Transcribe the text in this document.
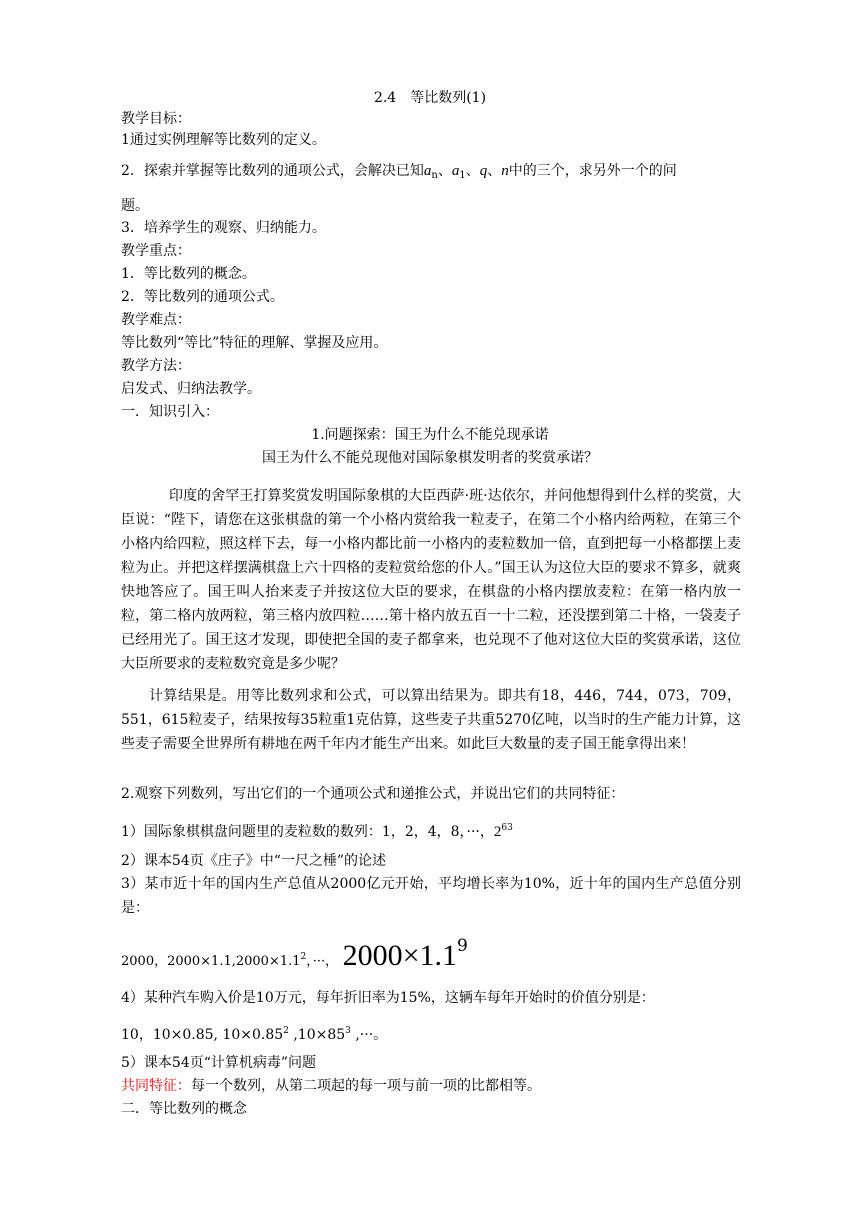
2.4　等比数列(1)
教学目标：
1通过实例理解等比数列的定义。
2．探索并掌握等比数列的通项公式，会解决已知$a_n$、$a_1$、q、n中的三个，求另外一个的问
题。
3．培养学生的观察、归纳能力。
教学重点：
1．等比数列的概念。
2．等比数列的通项公式。
教学难点：
等比数列“等比”特征的理解、掌握及应用。
教学方法：
启发式、归纳法教学。
一．知识引入：
1.问题探索：国王为什么不能兑现承诺
国王为什么不能兑现他对国际象棋发明者的奖赏承诺？
印度的舍罕王打算奖赏发明国际象棋的大臣西萨·班·达依尔，并问他想得到什么样的奖赏，大臣说：“陛下，请您在这张棋盘的第一个小格内赏给我一粒麦子，在第二个小格内给两粒，在第三个小格内给四粒，照这样下去，每一小格内都比前一小格内的麦粒数加一倍，直到把每一小格都摆上麦粒为止。并把这样摆满棋盘上六十四格的麦粒赏给您的仆人。”国王认为这位大臣的要求不算多，就爽快地答应了。国王叫人抬来麦子并按这位大臣的要求，在棋盘的小格内摆放麦粒：在第一格内放一粒，第二格内放两粒，第三格内放四粒……第十格内放五百一十二粒，还没摆到第二十格，一袋麦子已经用光了。国王这才发现，即使把全国的麦子都拿来，也兑现不了他对这位大臣的奖赏承诺，这位大臣所要求的麦粒数究竟是多少呢？
计算结果是。用等比数列求和公式，可以算出结果为。即共有18，446，744，073，709，551，615粒麦子，结果按每35粒重1克估算，这些麦子共重5270亿吨，以当时的生产能力计算，这些麦子需要全世界所有耕地在两千年内才能生产出来。如此巨大数量的麦子国王能拿得出来！
2.观察下列数列，写出它们的一个通项公式和递推公式，并说出它们的共同特征：
1）国际象棋棋盘问题里的麦粒数的数列：1，2，4，8，···，$2^{63}$
2）课本54页《庄子》中“一尺之棰”的论述
3）某市近十年的国内生产总值从2000亿元开始，平均增长率为10%，近十年的国内生产总值分别是：
2000，$2000\times 1.1,2000\times 1.1^2$，···， $2000\times 1.1^9$
4）某种汽车购入价是10万元，每年折旧率为15%，这辆车每年开始时的价值分别是：
10，10×0.85, $10\times 0.85^2$ $,10\times 85^3$ ,···。
5）课本54页“计算机病毒”问题
共同特征：每一个数列，从第二项起的每一项与前一项的比都相等。
二．等比数列的概念
